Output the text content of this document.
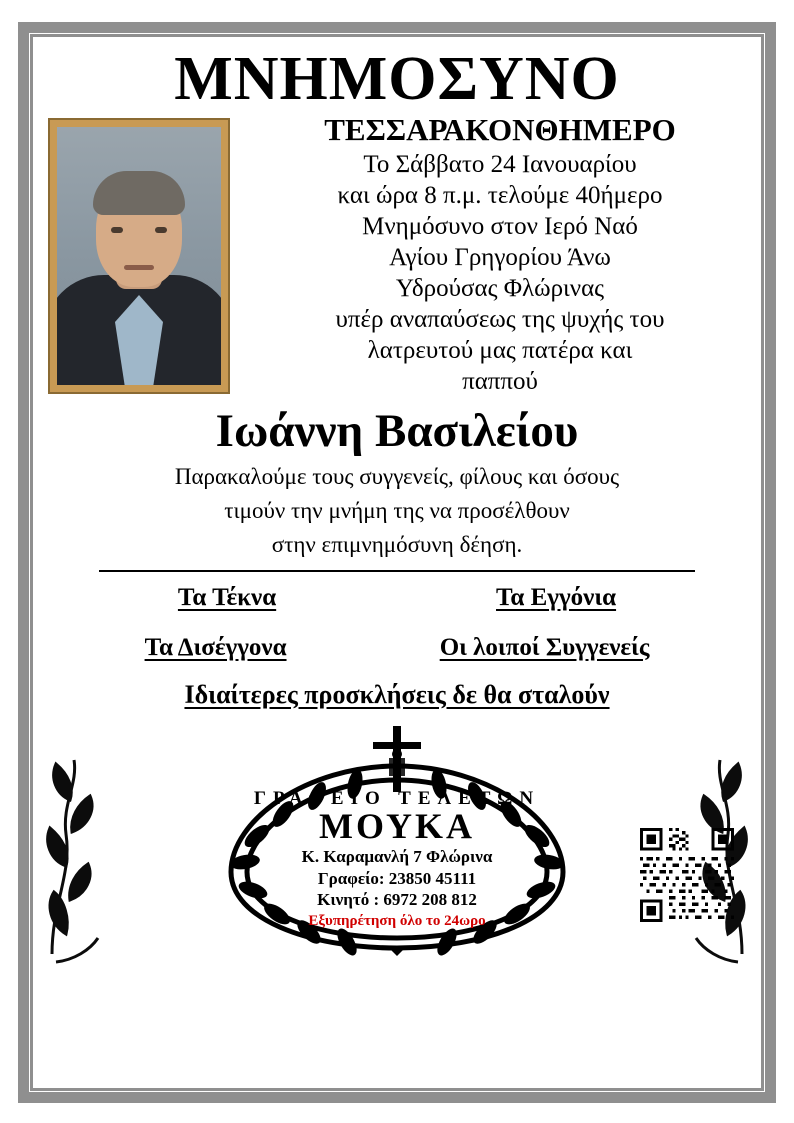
ΜΝΗΜΟΣΥΝΟ
ΤΕΣΣΑΡΑΚΟΝΘΗΜΕΡΟ
Το Σάββατο 24 Ιανουαρίου
και ώρα 8 π.μ. τελούμε 40ήμερο
Μνημόσυνο στον Ιερό Ναό
Αγίου Γρηγορίου Άνω
Υδρούσας Φλώρινας
υπέρ αναπαύσεως της ψυχής του
λατρευτού μας πατέρα και
παππού
Ιωάννη Βασιλείου
Παρακαλούμε τους συγγενείς, φίλους και όσους
τιμούν την μνήμη της να προσέλθουν
στην επιμνημόσυνη δέηση.
Τα Τέκνα	Τα Εγγόνια
Τα Δισέγγονα	Οι λοιποί Συγγενείς
Ιδιαίτερες προσκλήσεις δε θα σταλούν
ΓΡΑΦΕΙΟ ΤΕΛΕΤΩΝ
ΜΟΥΚΑ
Κ. Καραμανλή 7 Φλώρινα
Γραφείο: 23850 45111
Κινητό : 6972 208 812
Εξυπηρέτηση όλο το 24ωρο
